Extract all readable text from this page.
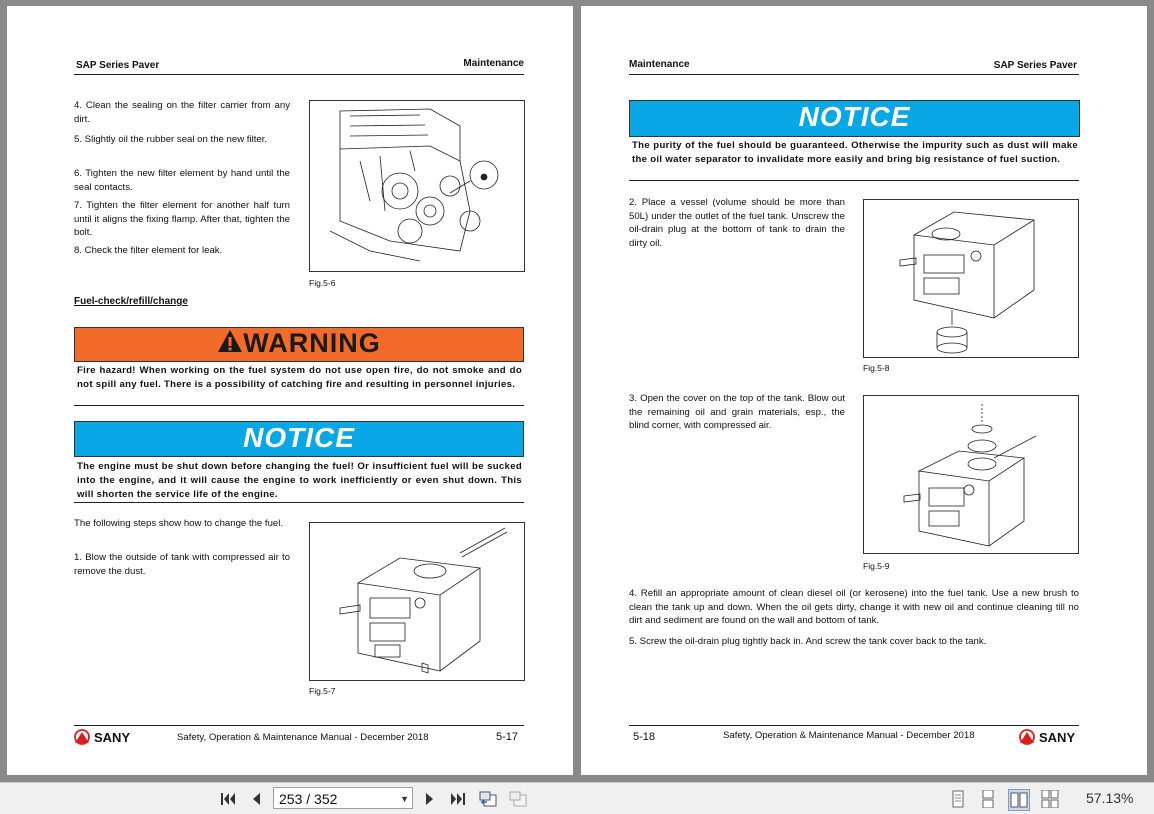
SAP Series Paver	Maintenance
4. Clean the sealing on the filter carrier from any dirt.
5. Slightly oil the rubber seal on the new filter.
6. Tighten the new filter element by hand until the seal contacts.
7. Tighten the filter element for another half turn until it aligns the fixing flamp. After that, tighten the bolt.
8. Check the filter element for leak.
Fig.5-6
Fuel-check/refill/change
WARNING
Fire hazard! When working on the fuel system do not use open fire, do not smoke and do not spill any fuel. There is a possibility of catching fire and resulting in personnel injuries.
NOTICE
The engine must be shut down before changing the fuel! Or insufficient fuel will be sucked into the engine, and it will cause the engine to work inefficiently or even shut down. This will shorten the service life of the engine.
The following steps show how to change the fuel.
1. Blow the outside of tank with compressed air to remove the dust.
Fig.5-7
SANY	Safety, Operation & Maintenance Manual - December 2018	5-17
Maintenance	SAP Series Paver
NOTICE
The purity of the fuel should be guaranteed. Otherwise the impurity such as dust will make the oil water separator to invalidate more easily and bring big resistance of fuel suction.
2. Place a vessel (volume should be more than 50L) under the outlet of the fuel tank. Unscrew the oil-drain plug at the bottom of tank to drain the dirty oil.
Fig.5-8
3. Open the cover on the top of the tank. Blow out the remaining oil and grain materials, esp., the blind corner, with compressed air.
Fig.5-9
4. Refill an appropriate amount of clean diesel oil (or kerosene) into the fuel tank. Use a new brush to clean the tank up and down. When the oil gets dirty, change it with new oil and continue cleaning till no dirt and sediment are found on the wall and bottom of tank.
5. Screw the oil-drain plug tightly back in. And screw the tank cover back to the tank.
5-18	Safety, Operation & Maintenance Manual - December 2018	SANY
253 / 352	▼	57.13%
